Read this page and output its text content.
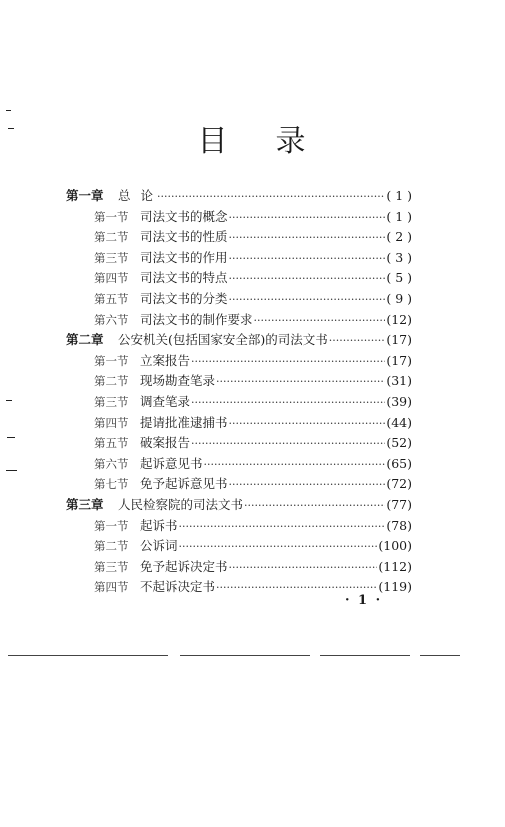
目 录
第一章	总 论 ·····	( 1 )
第一节 司法文书的概念 ·····	( 1 )
第二节 司法文书的性质 ·····	( 2 )
第三节 司法文书的作用 ·····	( 3 )
第四节 司法文书的特点 ·····	( 5 )
第五节 司法文书的分类 ·····	( 9 )
第六节 司法文书的制作要求 ·····	(12)
第二章	公安机关(包括国家安全部)的司法文书 ·····	(17)
第一节 立案报告 ·····	(17)
第二节 现场勘查笔录 ·····	(31)
第三节 调查笔录 ·····	(39)
第四节 提请批准逮捕书 ·····	(44)
第五节 破案报告 ·····	(52)
第六节 起诉意见书 ·····	(65)
第七节 免予起诉意见书 ·····	(72)
第三章	人民检察院的司法文书 ·····	(77)
第一节 起诉书 ·····	(78)
第二节 公诉词 ·····	(100)
第三节 免予起诉决定书 ·····	(112)
第四节 不起诉决定书 ·····	(119)
· 1 ·
